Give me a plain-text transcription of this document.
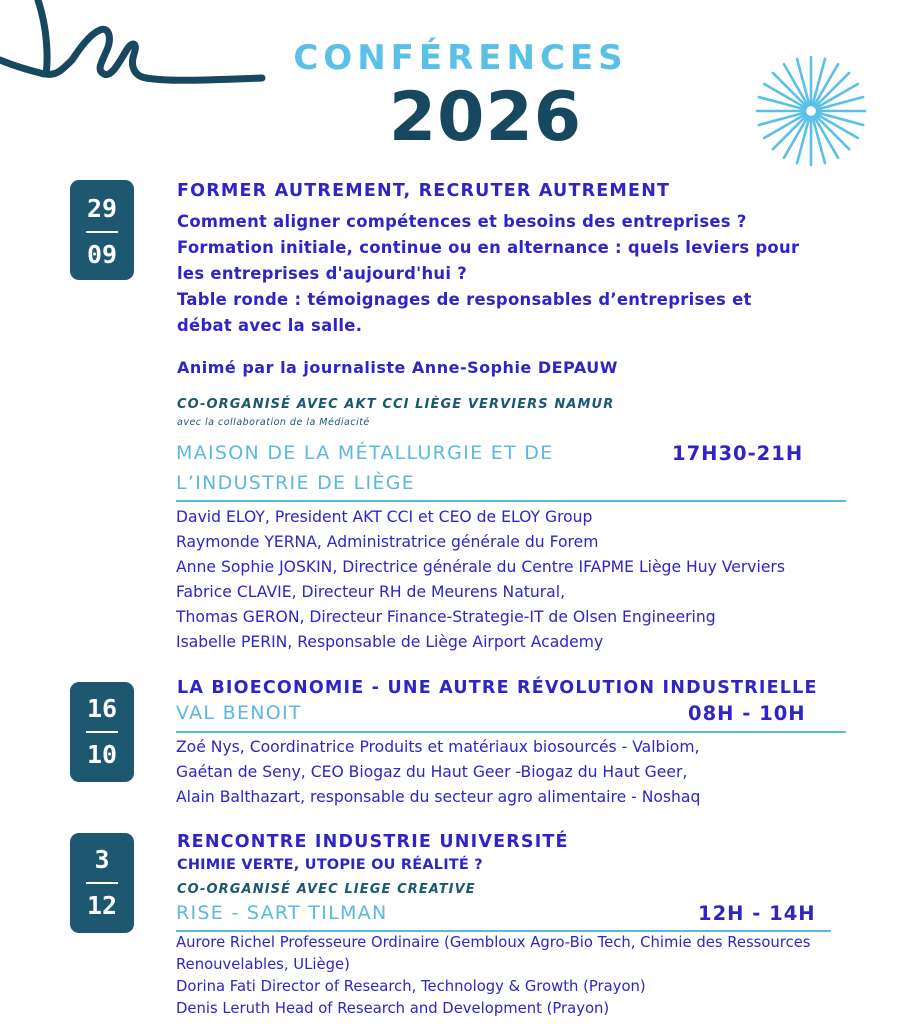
CONFÉRENCES
2026
29
09
FORMER AUTREMENT, RECRUTER AUTREMENT
Comment aligner compétences et besoins des entreprises ?
Formation initiale, continue ou en alternance : quels leviers pour
les entreprises d'aujourd'hui ?
Table ronde : témoignages de responsables d’entreprises et
débat avec la salle.
Animé par la journaliste Anne-Sophie DEPAUW
CO-ORGANISÉ AVEC AKT CCI LIÈGE VERVIERS NAMUR
avec la collaboration de la Médiacité
MAISON DE LA MÉTALLURGIE ET DE
L’INDUSTRIE DE LIÈGE
17H30-21H
David ELOY, President AKT CCI et CEO de ELOY Group
Raymonde YERNA, Administratrice générale du Forem
Anne Sophie JOSKIN, Directrice générale du Centre IFAPME Liège Huy Verviers
Fabrice CLAVIE, Directeur RH de Meurens Natural,
Thomas GERON, Directeur Finance-Strategie-IT de Olsen Engineering
Isabelle PERIN, Responsable de Liège Airport Academy
16
10
LA BIOECONOMIE - UNE AUTRE RÉVOLUTION INDUSTRIELLE
VAL BENOIT	08H - 10H
Zoé Nys, Coordinatrice Produits et matériaux biosourcés - Valbiom,
Gaétan de Seny, CEO Biogaz du Haut Geer -Biogaz du Haut Geer,
Alain Balthazart, responsable du secteur agro alimentaire - Noshaq
3
12
RENCONTRE INDUSTRIE UNIVERSITÉ
CHIMIE VERTE, UTOPIE OU RÉALITÉ ?
CO-ORGANISÉ AVEC LIEGE CREATIVE
RISE - SART TILMAN	12H - 14H
Aurore Richel Professeure Ordinaire (Gembloux Agro-Bio Tech, Chimie des Ressources
Renouvelables, ULiège)
Dorina Fati Director of Research, Technology & Growth (Prayon)
Denis Leruth Head of Research and Development (Prayon)
